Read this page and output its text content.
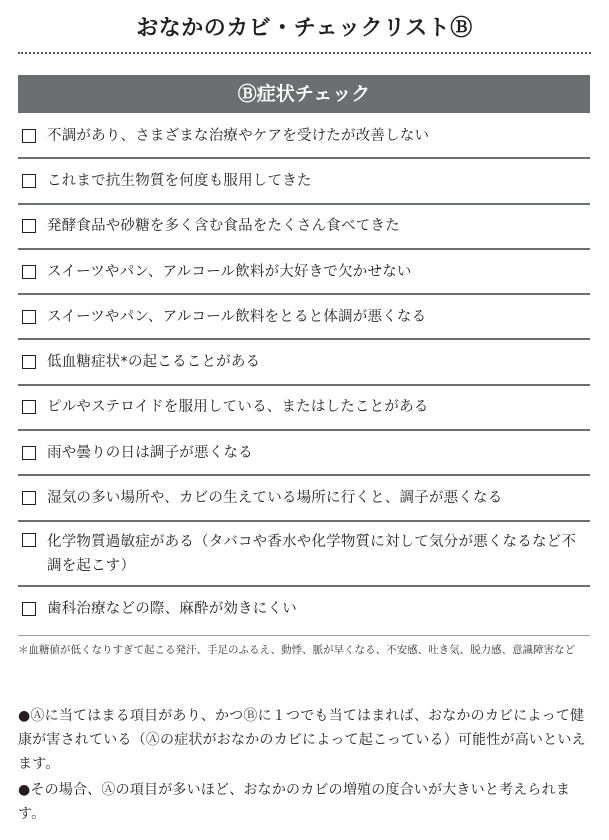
おなかのカビ・チェックリストⒷ
Ⓑ症状チェック
不調があり、さまざまな治療やケアを受けたが改善しない
これまで抗生物質を何度も服用してきた
発酵食品や砂糖を多く含む食品をたくさん食べてきた
スイーツやパン、アルコール飲料が大好きで欠かせない
スイーツやパン、アルコール飲料をとると体調が悪くなる
低血糖症状*の起こることがある
ピルやステロイドを服用している、またはしたことがある
雨や曇りの日は調子が悪くなる
湿気の多い場所や、カビの生えている場所に行くと、調子が悪くなる
化学物質過敏症がある（タバコや香水や化学物質に対して気分が悪くなるなど不調を起こす）
歯科治療などの際、麻酔が効きにくい
＊血糖値が低くなりすぎて起こる発汗、手足のふるえ、動悸、脈が早くなる、不安感、吐き気、脱力感、意識障害など
●Ⓐに当てはまる項目があり、かつⒷに１つでも当てはまれば、おなかのカビによって健康が害されている（Ⓐの症状がおなかのカビによって起こっている）可能性が高いといえます。
●その場合、Ⓐの項目が多いほど、おなかのカビの増殖の度合いが大きいと考えられます。
